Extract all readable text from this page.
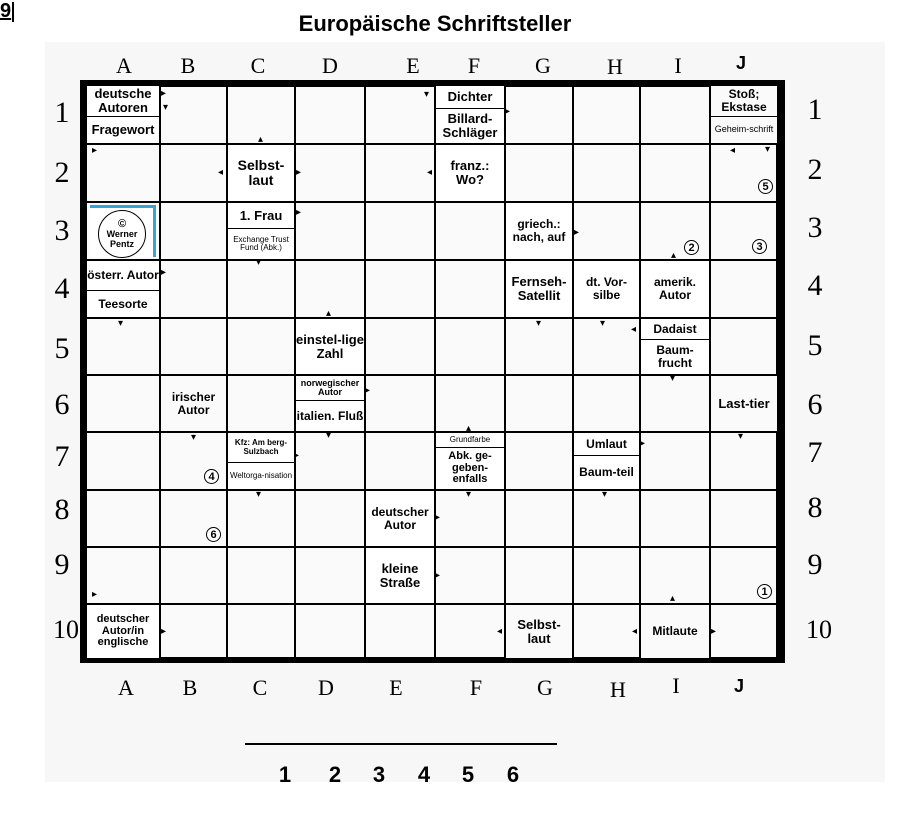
9	Europäische Schriftsteller
A	B	C	D	E	F	G	H	I	J
A	B	C	D	E	F	G	H	I	J
1
2
3
4
5
6
7
8
9
10
1
2
3
4
5
6
7
8
9
10
deutsche Autoren
Fragewort
Dichter
Billard-Schläger
Stoß; Ekstase
Geheim-schrift
Selbst-laut
franz.: Wo?
1. Frau
Exchange Trust Fund (Abk.)
griech.: nach, auf
österr. Autor
Teesorte
Fernseh-Satellit
dt. Vor-silbe
amerik. Autor
einstel-lige Zahl
Dadaist
Baum-frucht
irischer Autor
norwegischer Autor
italien. Fluß
Last-tier
Kfz: Am berg-Sulzbach
Weltorga-nisation
Grundfarbe
Abk. ge-geben-enfalls
Umlaut
Baum-teil
deutscher Autor
kleine Straße
deutscher Autor/in englische
Selbst-laut	Mitlaute
©
Werner
Pentz
1
2	3
4
5
6
▸
▾
▸
▴
◂	▸	◂
▾
▸
◂	▾
▸
▾
▸
▴
▸
▾
▴
▾	▾
◂
▾
▸
▾	▾
▾
▸
▴
▸
▾	▾	▾
▸
▸
▸	▴
▸	◂	◂	▸
1	2	3	4	5	6
